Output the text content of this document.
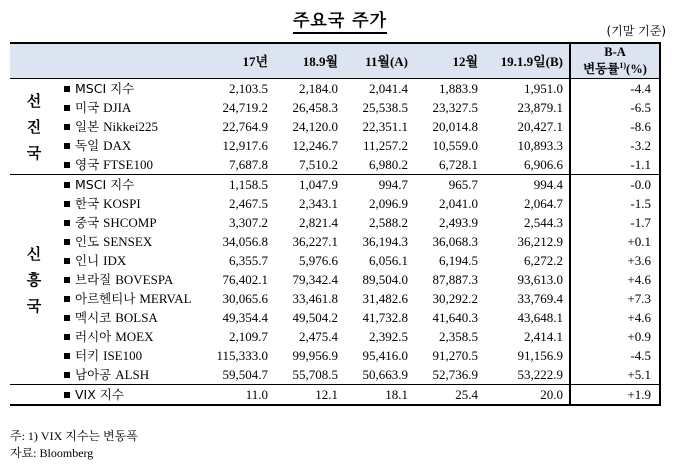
주요국 주가	(기말 기준)
		17년	18.9월	11월(A)	12월	19.1.9일(B)	B-A
변동률$^{1)}$(%)

선진국	MSCI 지수	2,103.5	2,184.0	2,041.4	1,883.9	1,951.0	-4.4
	미국 DJIA	24,719.2	26,458.3	25,538.5	23,327.5	23,879.1	-6.5
	일본 Nikkei225	22,764.9	24,120.0	22,351.1	20,014.8	20,427.1	-8.6
	독일 DAX	12,917.6	12,246.7	11,257.2	10,559.0	10,893.3	-3.2
	영국 FTSE100	7,687.8	7,510.2	6,980.2	6,728.1	6,906.6	-1.1
신흥국	MSCI 지수	1,158.5	1,047.9	994.7	965.7	994.4	-0.0
	한국 KOSPI	2,467.5	2,343.1	2,096.9	2,041.0	2,064.7	-1.5
	중국 SHCOMP	3,307.2	2,821.4	2,588.2	2,493.9	2,544.3	-1.7
	인도 SENSEX	34,056.8	36,227.1	36,194.3	36,068.3	36,212.9	+0.1
	인니 IDX	6,355.7	5,976.6	6,056.1	6,194.5	6,272.2	+3.6
	브라질 BOVESPA	76,402.1	79,342.4	89,504.0	87,887.3	93,613.0	+4.6
	아르헨티나 MERVAL	30,065.6	33,461.8	31,482.6	30,292.2	33,769.4	+7.3
	멕시코 BOLSA	49,354.4	49,504.2	41,732.8	41,640.3	43,648.1	+4.6
	러시아 MOEX	2,109.7	2,475.4	2,392.5	2,358.5	2,414.1	+0.9
	터키 ISE100	115,333.0	99,956.9	95,416.0	91,270.5	91,156.9	-4.5
	남아공 ALSH	59,504.7	55,708.5	50,663.9	52,736.9	53,222.9	+5.1
	VIX 지수	11.0	12.1	18.1	25.4	20.0	+1.9
주: 1) VIX 지수는 변동폭
자료: Bloomberg
